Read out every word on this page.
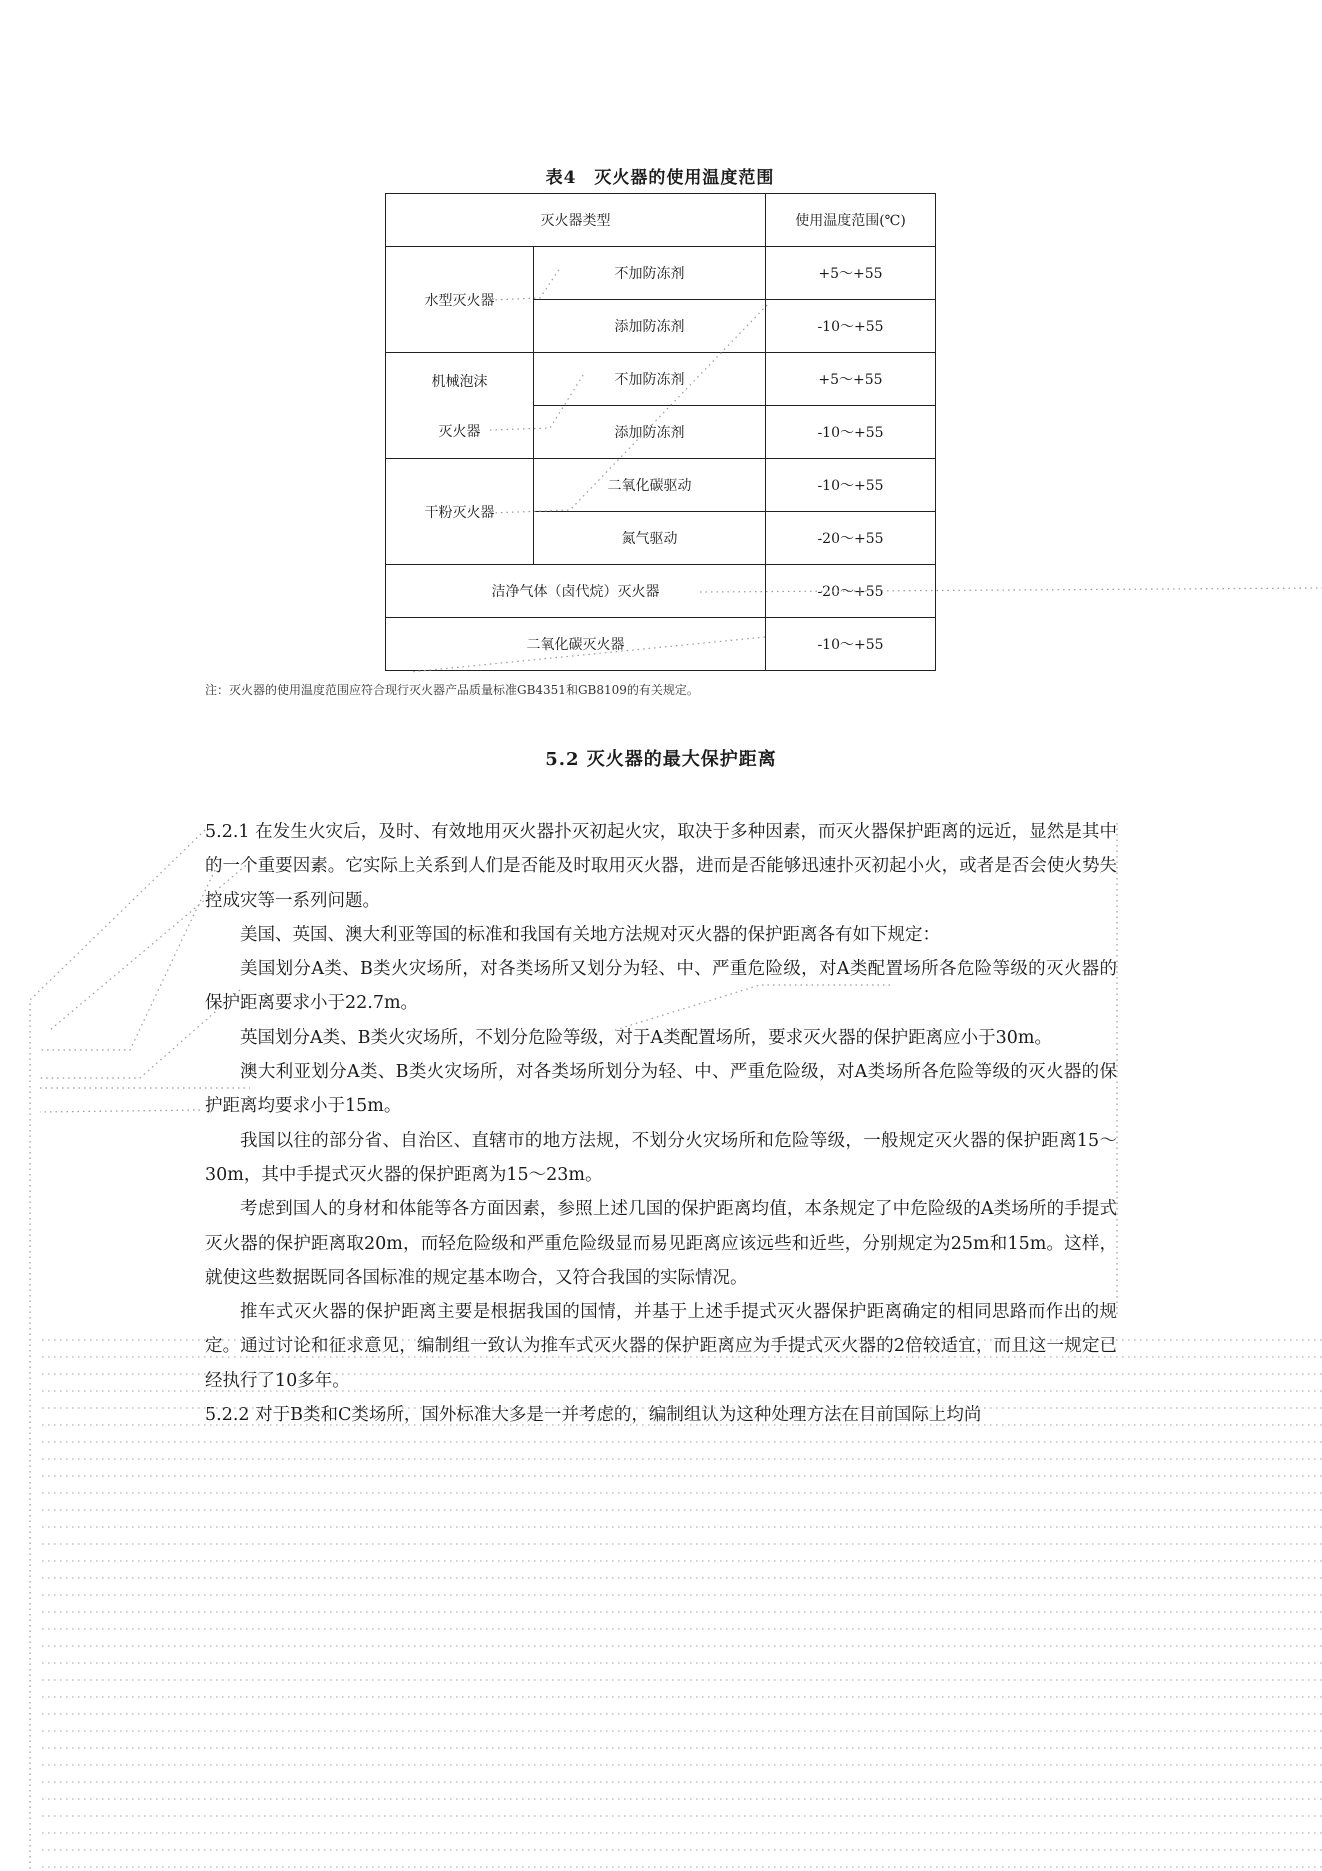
表4　灭火器的使用温度范围
灭火器类型		使用温度范围(℃)
水型灭火器	不加防冻剂	+5～+55
	添加防冻剂	-10～+55

机械泡沫
灭火器	不加防冻剂	+5～+55
	添加防冻剂	-10～+55
干粉灭火器	二氧化碳驱动	-10～+55
	氮气驱动	-20～+55
洁净气体（卤代烷）灭火器		-20～+55
二氧化碳灭火器		-10～+55
注：灭火器的使用温度范围应符合现行灭火器产品质量标准GB4351和GB8109的有关规定。
5.2 灭火器的最大保护距离

5.2.1 在发生火灾后，及时、有效地用灭火器扑灭初起火灾，取决于多种因素，而灭火器保护距离的远近，显然是其中的一个重要因素。它实际上关系到人们是否能及时取用灭火器，进而是否能够迅速扑灭初起小火，或者是否会使火势失控成灾等一系列问题。

美国、英国、澳大利亚等国的标准和我国有关地方法规对灭火器的保护距离各有如下规定：

美国划分A类、B类火灾场所，对各类场所又划分为轻、中、严重危险级，对A类配置场所各危险等级的灭火器的保护距离要求小于22.7m。

英国划分A类、B类火灾场所，不划分危险等级，对于A类配置场所，要求灭火器的保护距离应小于30m。

澳大利亚划分A类、B类火灾场所，对各类场所划分为轻、中、严重危险级，对A类场所各危险等级的灭火器的保护距离均要求小于15m。

我国以往的部分省、自治区、直辖市的地方法规，不划分火灾场所和危险等级，一般规定灭火器的保护距离15～30m，其中手提式灭火器的保护距离为15～23m。

考虑到国人的身材和体能等各方面因素，参照上述几国的保护距离均值，本条规定了中危险级的A类场所的手提式灭火器的保护距离取20m，而轻危险级和严重危险级显而易见距离应该远些和近些，分别规定为25m和15m。这样，就使这些数据既同各国标准的规定基本吻合，又符合我国的实际情况。

推车式灭火器的保护距离主要是根据我国的国情，并基于上述手提式灭火器保护距离确定的相同思路而作出的规定。通过讨论和征求意见，编制组一致认为推车式灭火器的保护距离应为手提式灭火器的2倍较适宜，而且这一规定已经执行了10多年。

5.2.2 对于B类和C类场所，国外标准大多是一并考虑的，编制组认为这种处理方法在目前国际上均尚
